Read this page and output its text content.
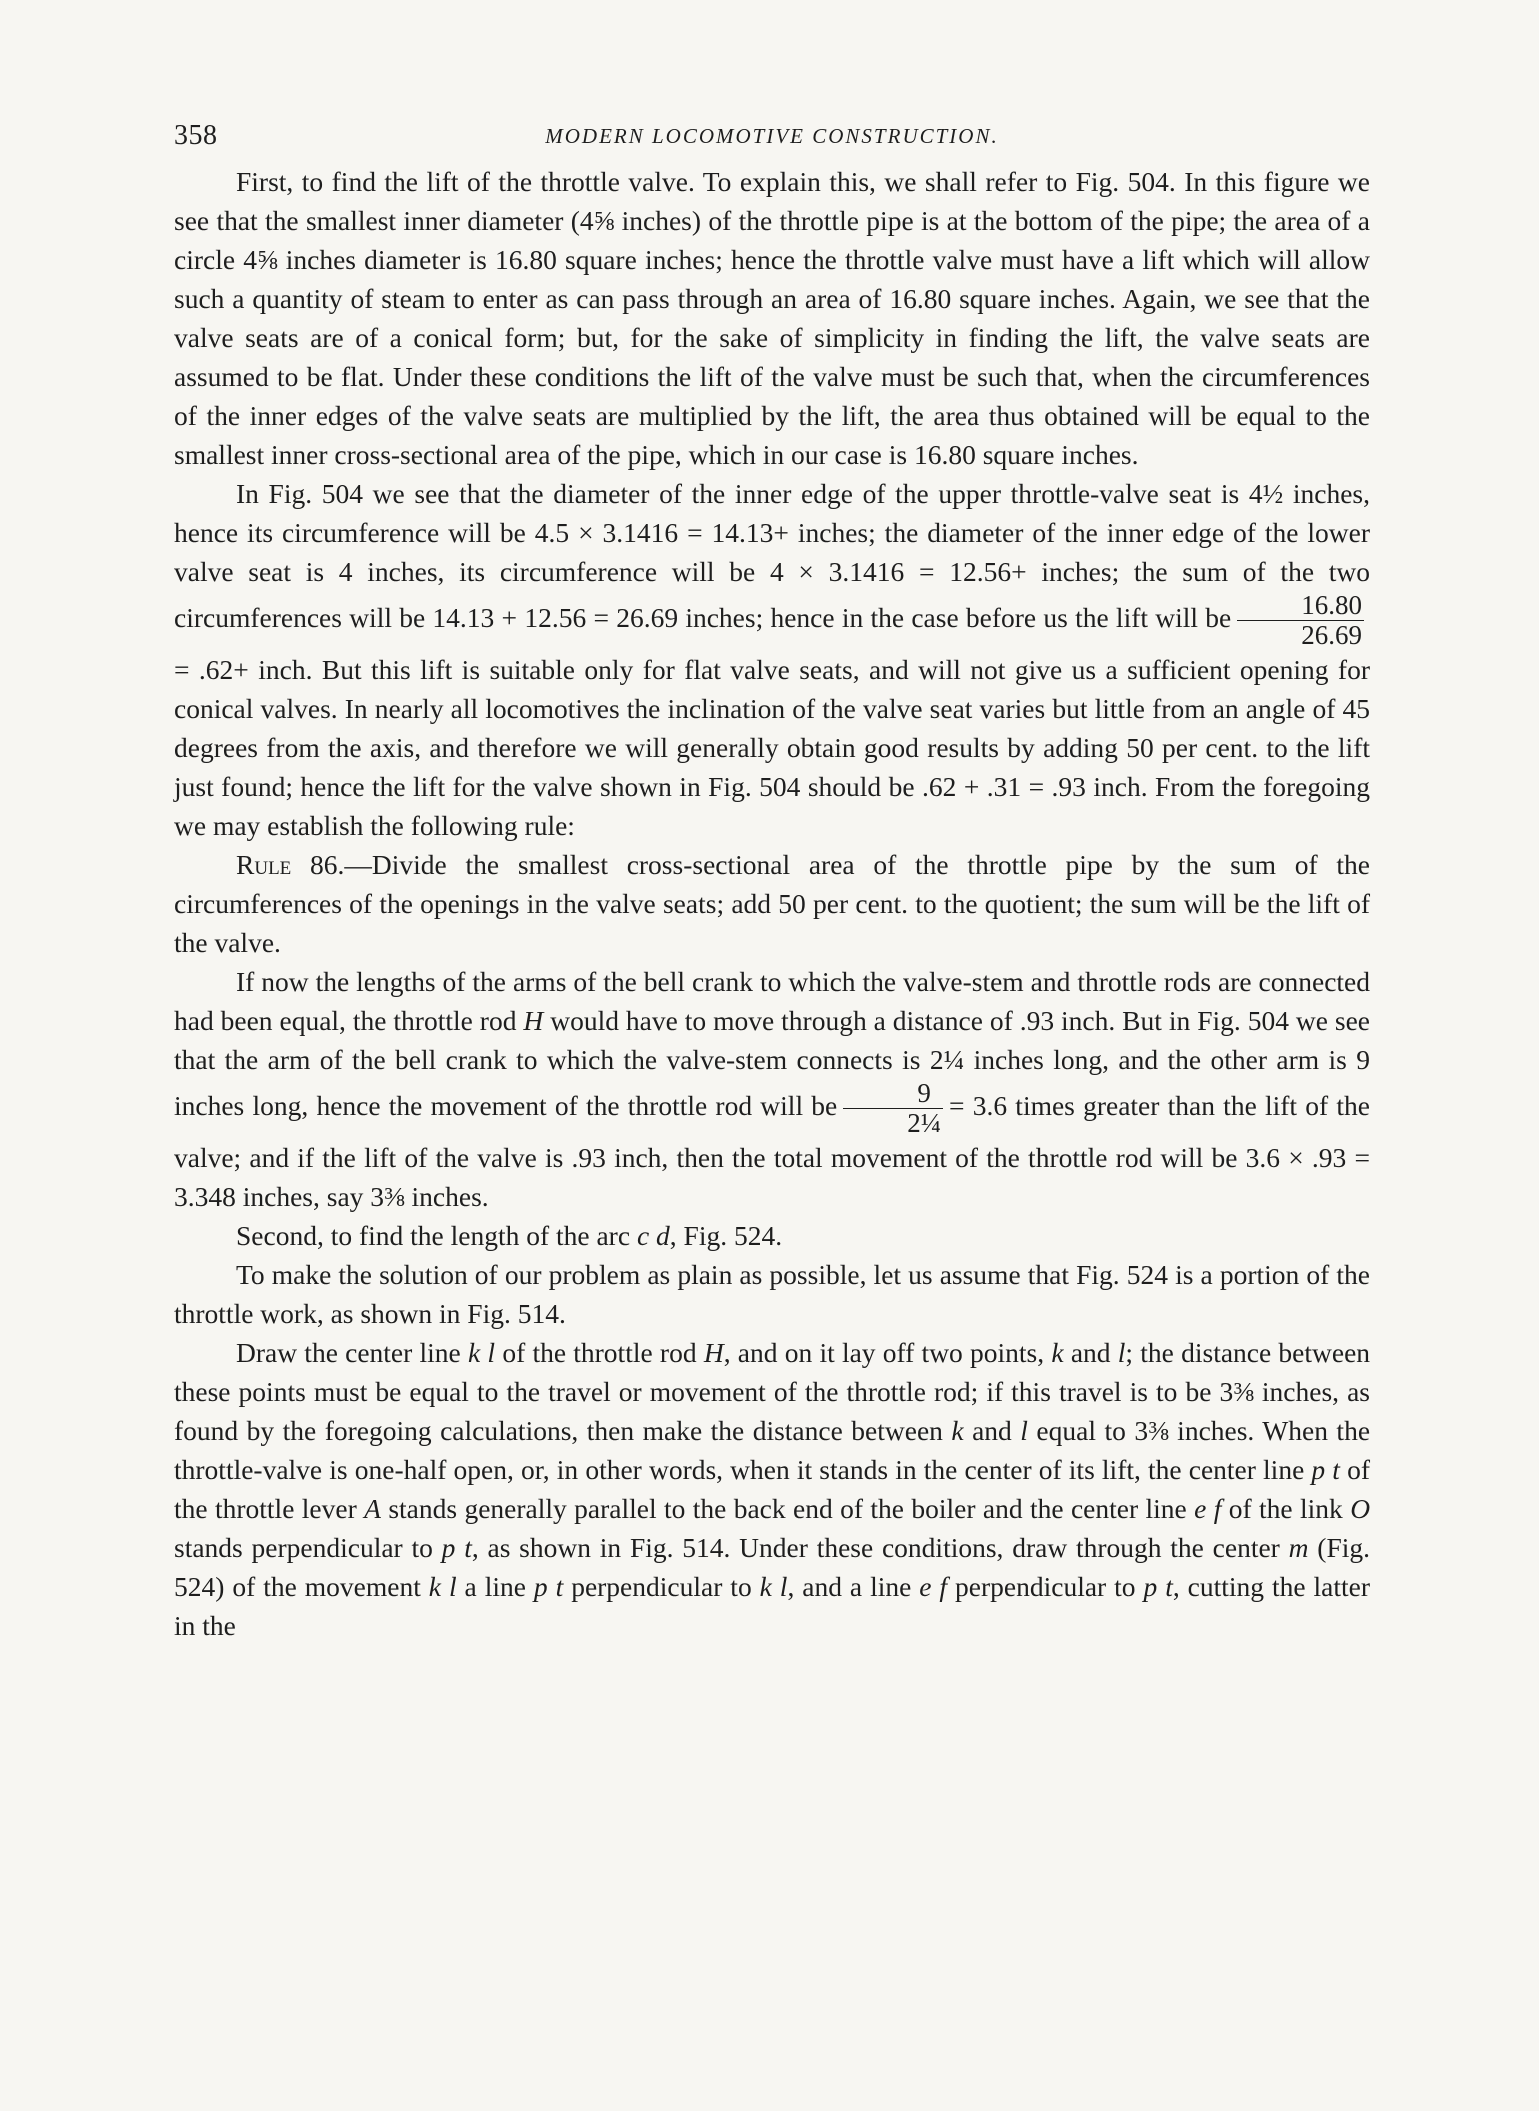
358	MODERN LOCOMOTIVE CONSTRUCTION.

First, to find the lift of the throttle valve. To explain this, we shall refer to Fig. 504. In this figure we see that the smallest inner diameter (4⅝ inches) of the throttle pipe is at the bottom of the pipe; the area of a circle 4⅝ inches diameter is 16.80 square inches; hence the throttle valve must have a lift which will allow such a quantity of steam to enter as can pass through an area of 16.80 square inches. Again, we see that the valve seats are of a conical form; but, for the sake of simplicity in finding the lift, the valve seats are assumed to be flat. Under these conditions the lift of the valve must be such that, when the circumferences of the inner edges of the valve seats are multiplied by the lift, the area thus obtained will be equal to the smallest inner cross-sectional area of the pipe, which in our case is 16.80 square inches.

In Fig. 504 we see that the diameter of the inner edge of the upper throttle-valve seat is 4½ inches, hence its circumference will be 4.5 × 3.1416 = 14.13+ inches; the diameter of the inner edge of the lower valve seat is 4 inches, its circumference will be 4 × 3.1416 = 12.56+ inches; the sum of the two circumferences will be 14.13 + 12.56 = 26.69 inches; hence in the case before us the lift will be $\frac{16.80}{26.69}$
= .62+ inch. But this lift is suitable only for flat valve seats, and will not give us a sufficient opening for conical valves. In nearly all locomotives the inclination of the valve seat varies but little from an angle of 45 degrees from the axis, and therefore we will generally obtain good results by adding 50 per cent. to the lift just found; hence the lift for the valve shown in Fig. 504 should be .62 + .31 = .93 inch. From the foregoing we may establish the following rule:

Rule 86.—Divide the smallest cross-sectional area of the throttle pipe by the sum of the circumferences of the openings in the valve seats; add 50 per cent. to the quotient; the sum will be the lift of the valve.

If now the lengths of the arms of the bell crank to which the valve-stem and throttle rods are connected had been equal, the throttle rod H would have to move through a distance of .93 inch. But in Fig. 504 we see that the arm of the bell crank to which the valve-stem connects is 2¼ inches long, and the other arm is 9 inches long, hence the movement of the throttle rod will be $\frac{9}{\text{2¼}} = 3.6$ times greater than the lift of the valve; and if the lift of the valve is .93 inch, then the total movement of the throttle rod will be 3.6 × .93 = 3.348 inches, say 3⅜ inches.

Second, to find the length of the arc c d, Fig. 524.

To make the solution of our problem as plain as possible, let us assume that Fig. 524 is a portion of the throttle work, as shown in Fig. 514.

Draw the center line k l of the throttle rod H, and on it lay off two points, k and l; the distance between these points must be equal to the travel or movement of the throttle rod; if this travel is to be 3⅜ inches, as found by the foregoing calculations, then make the distance between k and l equal to 3⅜ inches. When the throttle-valve is one-half open, or, in other words, when it stands in the center of its lift, the center line p t of the throttle lever A stands generally parallel to the back end of the boiler and the center line e f of the link O stands perpendicular to p t, as shown in Fig. 514. Under these conditions, draw through the center m (Fig. 524) of the movement k l a line p t perpendicular to k l, and a line e f perpendicular to p t, cutting the latter in the
